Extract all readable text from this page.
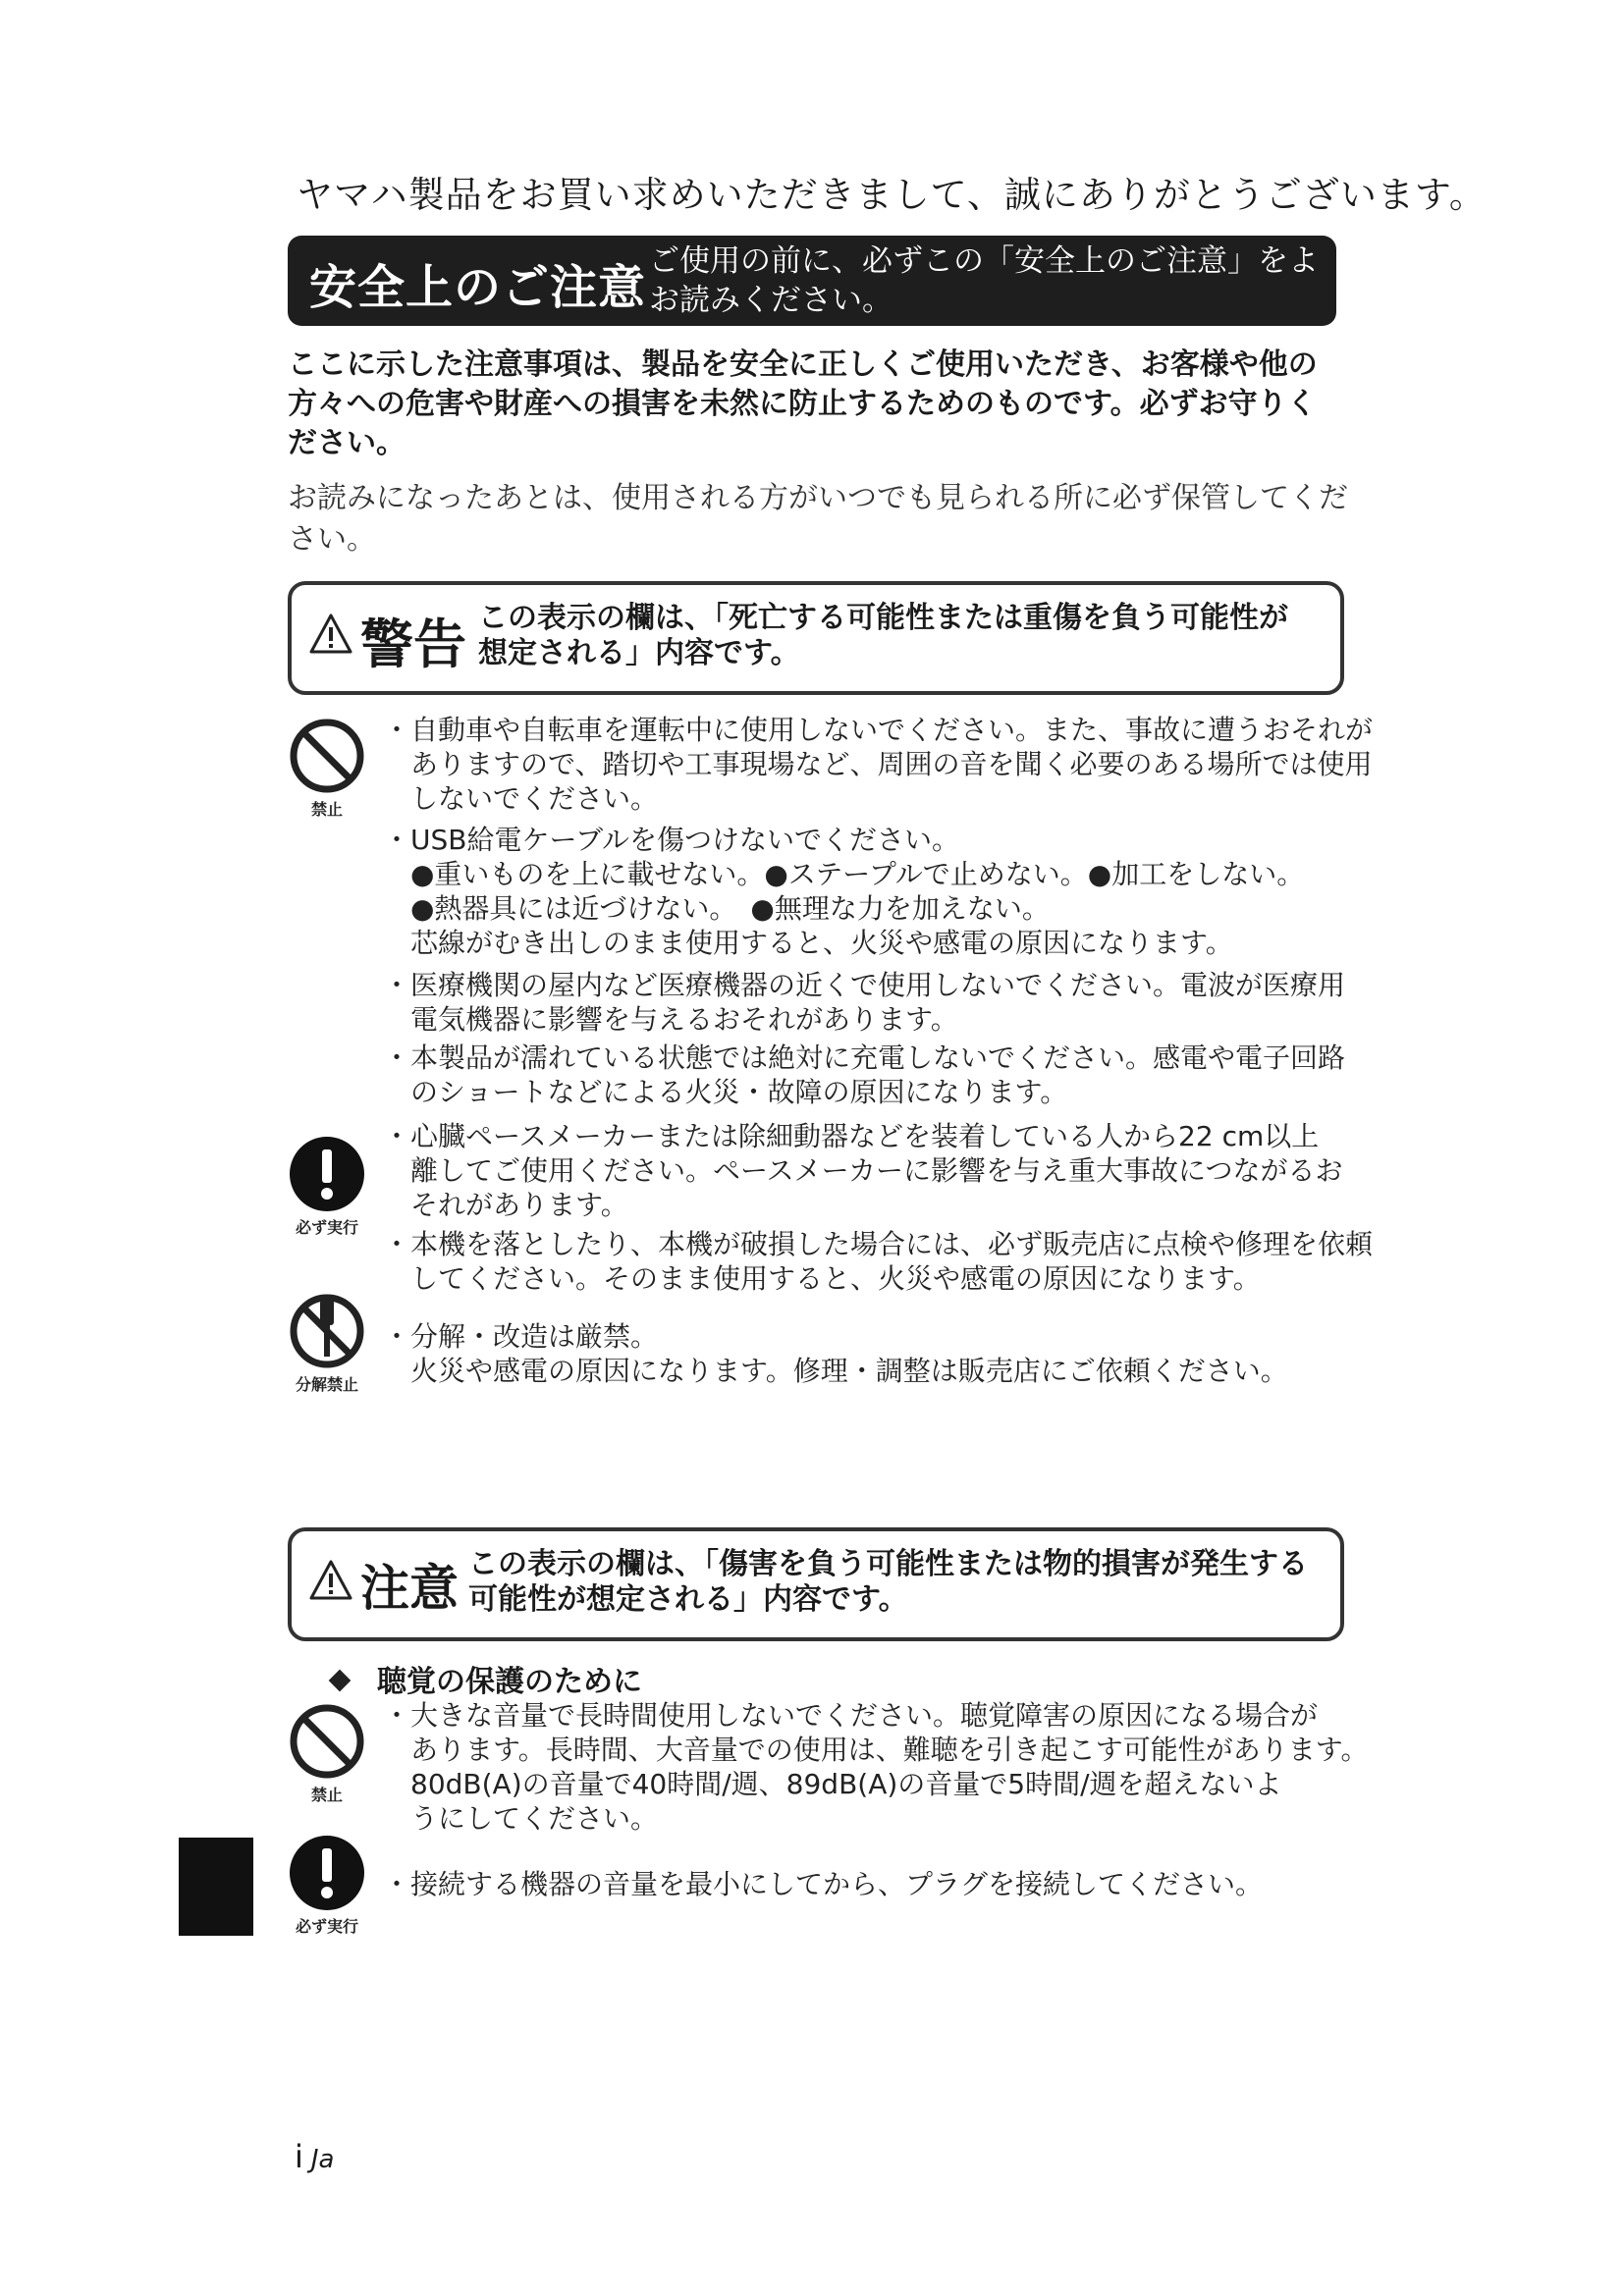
ヤマハ製品をお買い求めいただきまして、誠にありがとうございます。
安全上のご注意 ご使用の前に、必ずこの「安全上のご注意」をよ
お読みください。
ここに示した注意事項は、製品を安全に正しくご使用いただき、お客様や他の
方々への危害や財産への損害を未然に防止するためのものです。必ずお守りく
ださい。
お読みになったあとは、使用される方がいつでも見られる所に必ず保管してくだ
さい。
警告 この表示の欄は、「死亡する可能性または重傷を負う可能性が
想定される」内容です。
禁止
・ 自動車や自転車を運転中に使用しないでください。また、事故に遭うおそれが
ありますので、踏切や工事現場など、周囲の音を聞く必要のある場所では使用
しないでください。
・ USB給電ケーブルを傷つけないでください。
●重いものを上に載せない。●ステープルで止めない。●加工をしない。
●熱器具には近づけない。　●無理な力を加えない。
芯線がむき出しのまま使用すると、火災や感電の原因になります。
・ 医療機関の屋内など医療機器の近くで使用しないでください。電波が医療用
電気機器に影響を与えるおそれがあります。
・ 本製品が濡れている状態では絶対に充電しないでください。感電や電子回路
のショートなどによる火災・故障の原因になります。
必ず実行
・ 心臓ペースメーカーまたは除細動器などを装着している人から22 cm以上
離してご使用ください。ペースメーカーに影響を与え重大事故につながるお
それがあります。
・ 本機を落としたり、本機が破損した場合には、必ず販売店に点検や修理を依頼
してください。そのまま使用すると、火災や感電の原因になります。
分解禁止
・ 分解・改造は厳禁。
火災や感電の原因になります。修理・調整は販売店にご依頼ください。
注意 この表示の欄は、「傷害を負う可能性または物的損害が発生する
可能性が想定される」内容です。
聴覚の保護のために
禁止
・ 大きな音量で長時間使用しないでください。聴覚障害の原因になる場合が
あります。長時間、大音量での使用は、難聴を引き起こす可能性があります。
80dB(A)の音量で40時間/週、89dB(A)の音量で5時間/週を超えないよ
うにしてください。
必ず実行
・ 接続する機器の音量を最小にしてから、プラグを接続してください。
i Ja
